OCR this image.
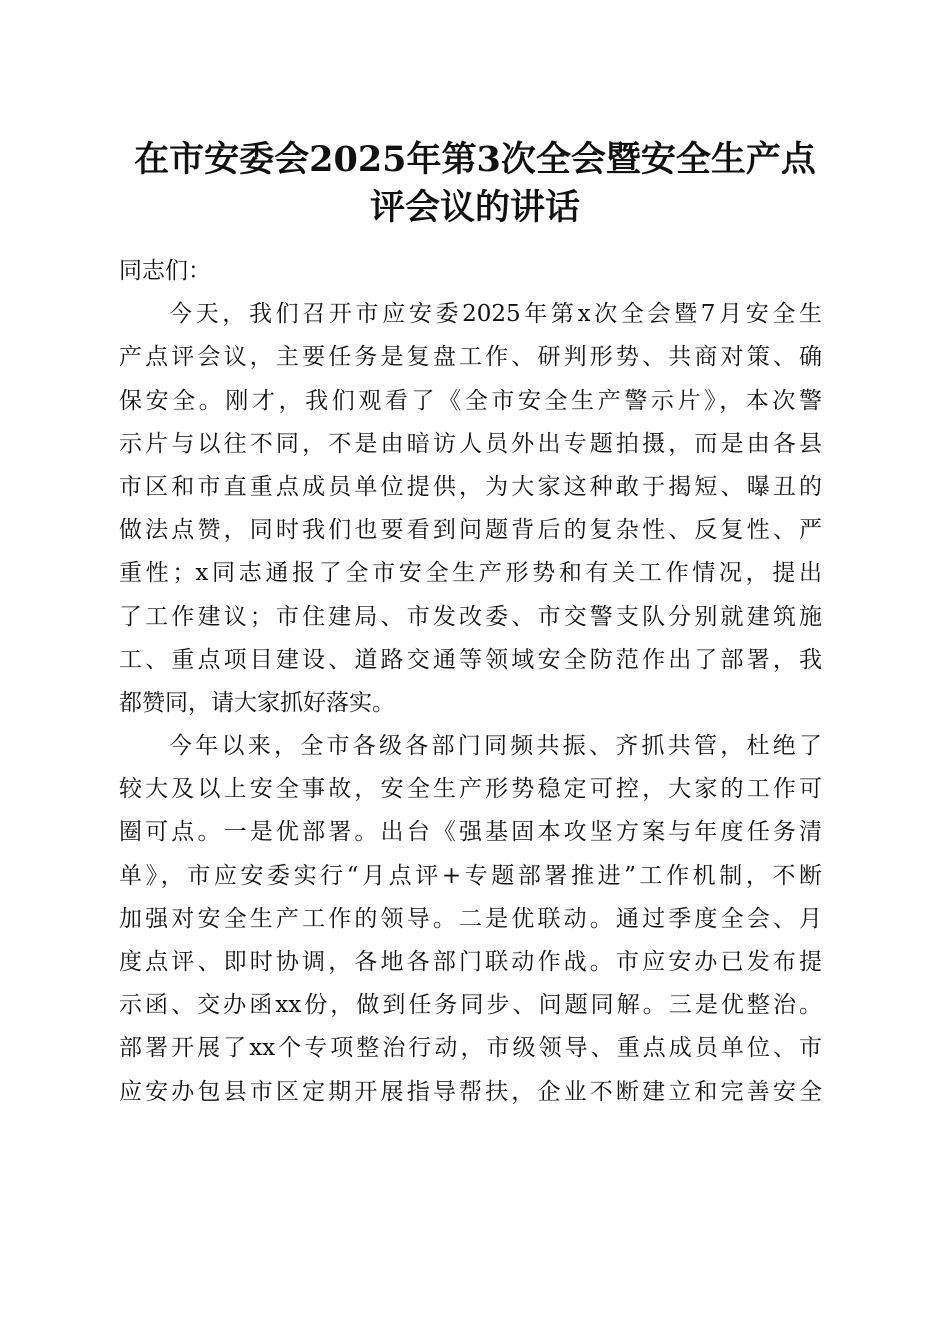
在市安委会2025年第3次全会暨安全生产点
评会议的讲话
同志们：
今天，我们召开市应安委2025年第x次全会暨7月安全生
产点评会议，主要任务是复盘工作、研判形势、共商对策、确
保安全。刚才，我们观看了《全市安全生产警示片》，本次警
示片与以往不同，不是由暗访人员外出专题拍摄，而是由各县
市区和市直重点成员单位提供，为大家这种敢于揭短、曝丑的
做法点赞，同时我们也要看到问题背后的复杂性、反复性、严
重性；x同志通报了全市安全生产形势和有关工作情况，提出
了工作建议；市住建局、市发改委、市交警支队分别就建筑施
工、重点项目建设、道路交通等领域安全防范作出了部署，我
都赞同，请大家抓好落实。
今年以来，全市各级各部门同频共振、齐抓共管，杜绝了
较大及以上安全事故，安全生产形势稳定可控，大家的工作可
圈可点。一是优部署。出台《强基固本攻坚方案与年度任务清
单》，市应安委实行“月点评+专题部署推进”工作机制，不断
加强对安全生产工作的领导。二是优联动。通过季度全会、月
度点评、即时协调，各地各部门联动作战。市应安办已发布提
示函、交办函xx份，做到任务同步、问题同解。三是优整治。
部署开展了xx个专项整治行动，市级领导、重点成员单位、市
应安办包县市区定期开展指导帮扶，企业不断建立和完善安全
